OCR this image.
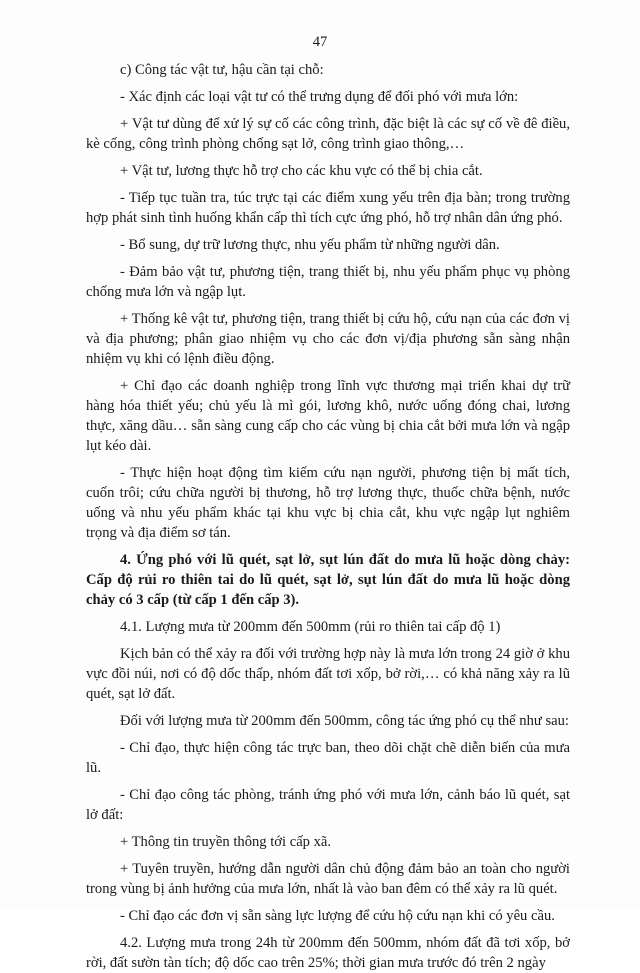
47

c) Công tác vật tư, hậu cần tại chỗ:

- Xác định các loại vật tư có thể trưng dụng để đối phó với mưa lớn:

+ Vật tư dùng để xử lý sự cố các công trình, đặc biệt là các sự cố về đê điều, kè cống, công trình phòng chống sạt lở, công trình giao thông,…

+ Vật tư, lương thực hỗ trợ cho các khu vực có thể bị chia cắt.

- Tiếp tục tuần tra, túc trực tại các điểm xung yếu trên địa bàn; trong trường hợp phát sinh tình huống khẩn cấp thì tích cực ứng phó, hỗ trợ nhân dân ứng phó.

- Bổ sung, dự trữ lương thực, nhu yếu phẩm từ những người dân.

- Đảm bảo vật tư, phương tiện, trang thiết bị, nhu yếu phẩm phục vụ phòng chống mưa lớn và ngập lụt.

+ Thống kê vật tư, phương tiện, trang thiết bị cứu hộ, cứu nạn của các đơn vị và địa phương; phân giao nhiệm vụ cho các đơn vị/địa phương sẵn sàng nhận nhiệm vụ khi có lệnh điều động.

+ Chỉ đạo các doanh nghiệp trong lĩnh vực thương mại triển khai dự trữ hàng hóa thiết yếu; chủ yếu là mì gói, lương khô, nước uống đóng chai, lương thực, xăng dầu… sẵn sàng cung cấp cho các vùng bị chia cắt bởi mưa lớn và ngập lụt kéo dài.

- Thực hiện hoạt động tìm kiếm cứu nạn người, phương tiện bị mất tích, cuốn trôi; cứu chữa người bị thương, hỗ trợ lương thực, thuốc chữa bệnh, nước uống và nhu yếu phẩm khác tại khu vực bị chia cắt, khu vực ngập lụt nghiêm trọng và địa điểm sơ tán.

4. Ứng phó với lũ quét, sạt lở, sụt lún đất do mưa lũ hoặc dòng chảy: Cấp độ rủi ro thiên tai do lũ quét, sạt lở, sụt lún đất do mưa lũ hoặc dòng chảy có 3 cấp (từ cấp 1 đến cấp 3).

4.1. Lượng mưa từ 200mm đến 500mm (rủi ro thiên tai cấp độ 1)

Kịch bản có thể xảy ra đối với trường hợp này là mưa lớn trong 24 giờ ở khu vực đồi núi, nơi có độ dốc thấp, nhóm đất tơi xốp, bở rời,… có khả năng xảy ra lũ quét, sạt lở đất.

Đối với lượng mưa từ 200mm đến 500mm, công tác ứng phó cụ thể như sau:

- Chỉ đạo, thực hiện công tác trực ban, theo dõi chặt chẽ diễn biến của mưa lũ.

- Chỉ đạo công tác phòng, tránh ứng phó với mưa lớn, cảnh báo lũ quét, sạt lở đất:

+ Thông tin truyền thông tới cấp xã.

+ Tuyên truyền, hướng dẫn người dân chủ động đảm bảo an toàn cho người trong vùng bị ảnh hưởng của mưa lớn, nhất là vào ban đêm có thể xảy ra lũ quét.

- Chỉ đạo các đơn vị sẵn sàng lực lượng để cứu hộ cứu nạn khi có yêu cầu.

4.2. Lượng mưa trong 24h từ 200mm đến 500mm, nhóm đất đã tơi xốp, bở rời, đất sườn tàn tích; độ dốc cao trên 25%; thời gian mưa trước đó trên 2 ngày
